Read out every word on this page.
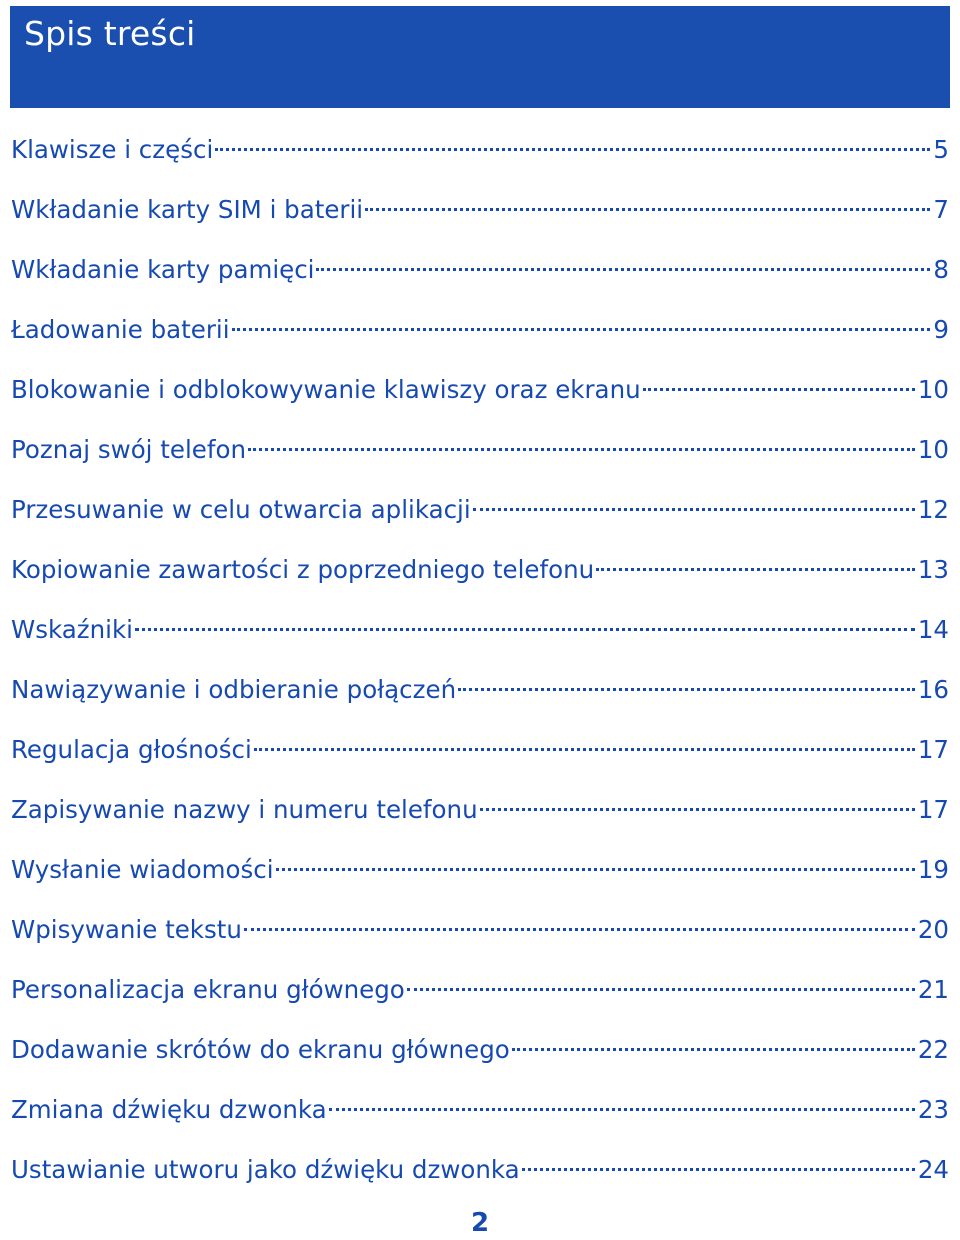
Spis treści
Klawisze i części	5
Wkładanie karty SIM i baterii	7
Wkładanie karty pamięci	8
Ładowanie baterii	9
Blokowanie i odblokowywanie klawiszy oraz ekranu	10
Poznaj swój telefon	10
Przesuwanie w celu otwarcia aplikacji	12
Kopiowanie zawartości z poprzedniego telefonu	13
Wskaźniki	14
Nawiązywanie i odbieranie połączeń	16
Regulacja głośności	17
Zapisywanie nazwy i numeru telefonu	17
Wysłanie wiadomości	19
Wpisywanie tekstu	20
Personalizacja ekranu głównego	21
Dodawanie skrótów do ekranu głównego	22
Zmiana dźwięku dzwonka	23
Ustawianie utworu jako dźwięku dzwonka	24
2
